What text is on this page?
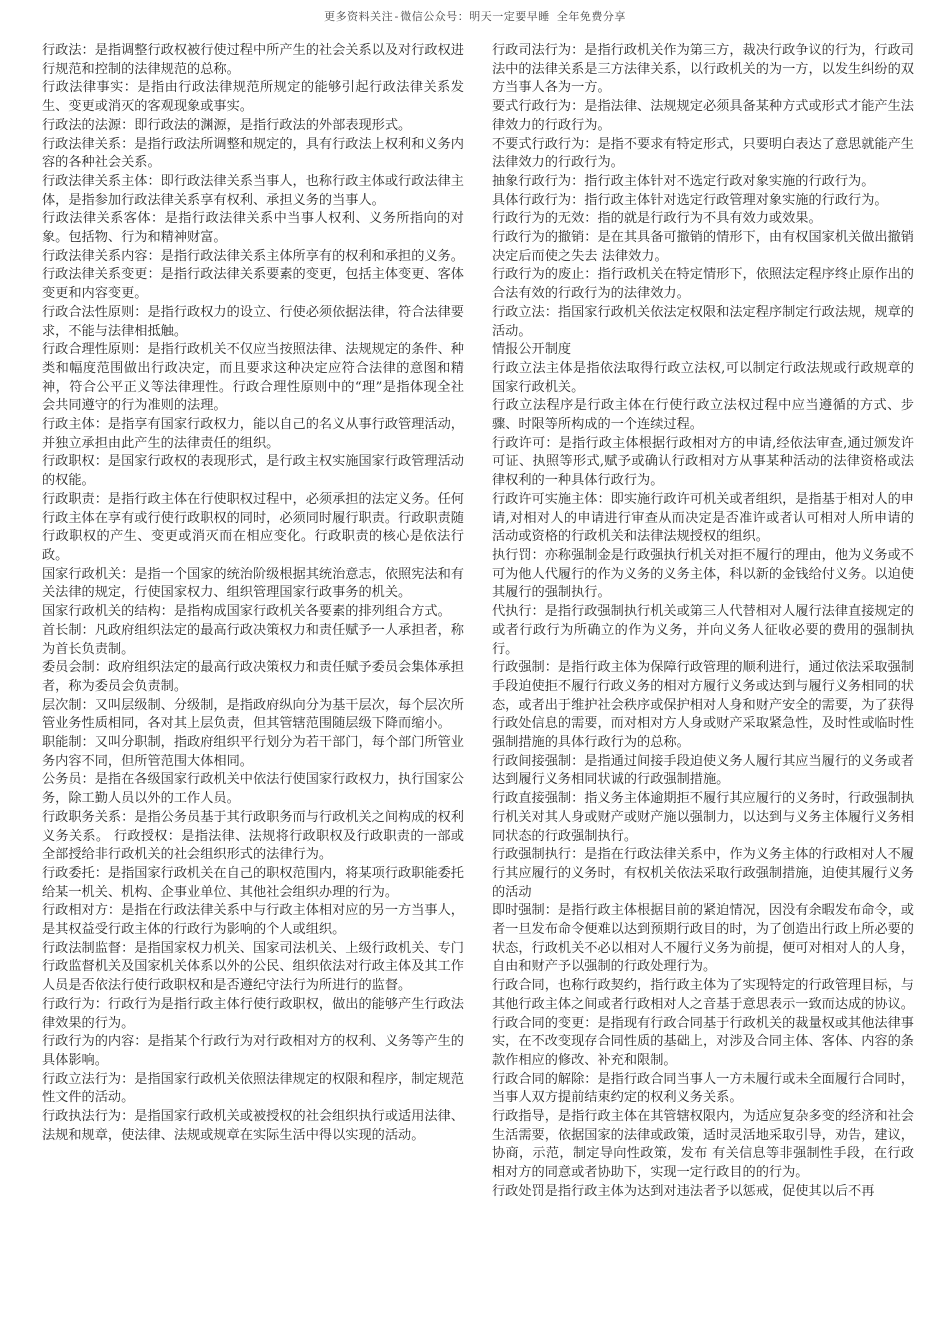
更多资料关注-微信公众号：明天一定要早睡 全年免费分享

行政法：是指调整行政权被行使过程中所产生的社会关系以及对行政权进行规范和控制的法律规范的总称。

行政法律事实：是指由行政法律规范所规定的能够引起行政法律关系发生、变更或消灭的客观现象或事实。

行政法的法源：即行政法的渊源，是指行政法的外部表现形式。

行政法律关系：是指行政法所调整和规定的，具有行政法上权利和义务内容的各种社会关系。

行政法律关系主体：即行政法律关系当事人，也称行政主体或行政法律主体，是指参加行政法律关系享有权利、承担义务的当事人。

行政法律关系客体：是指行政法律关系中当事人权利、义务所指向的对象。包括物、行为和精神财富。

行政法律关系内容：是指行政法律关系主体所享有的权利和承担的义务。

行政法律关系变更：是指行政法律关系要素的变更，包括主体变更、客体变更和内容变更。

行政合法性原则：是指行政权力的设立、行使必须依据法律，符合法律要求，不能与法律相抵触。

行政合理性原则：是指行政机关不仅应当按照法律、法规规定的条件、种类和幅度范围做出行政决定，而且要求这种决定应符合法律的意图和精神，符合公平正义等法律理性。行政合理性原则中的“理”是指体现全社会共同遵守的行为准则的法理。

行政主体：是指享有国家行政权力，能以自己的名义从事行政管理活动，并独立承担由此产生的法律责任的组织。

行政职权：是国家行政权的表现形式，是行政主权实施国家行政管理活动的权能。

行政职责：是指行政主体在行使职权过程中，必须承担的法定义务。任何行政主体在享有或行使行政职权的同时，必须同时履行职责。行政职责随行政职权的产生、变更或消灭而在相应变化。行政职责的核心是依法行政。

国家行政机关：是指一个国家的统治阶级根据其统治意志，依照宪法和有关法律的规定，行使国家权力、组织管理国家行政事务的机关。

国家行政机关的结构：是指构成国家行政机关各要素的排列组合方式。

首长制：凡政府组织法定的最高行政决策权力和责任赋予一人承担者，称为首长负责制。

委员会制：政府组织法定的最高行政决策权力和责任赋予委员会集体承担者，称为委员会负责制。

层次制：又叫层级制、分级制，是指政府纵向分为基干层次，每个层次所管业务性质相同，各对其上层负责，但其管辖范围随层级下降而缩小。

职能制：又叫分职制，指政府组织平行划分为若干部门，每个部门所管业务内容不同，但所管范围大体相同。

公务员：是指在各级国家行政机关中依法行使国家行政权力，执行国家公务，除工勤人员以外的工作人员。

行政职务关系：是指公务员基于其行政职务而与行政机关之间构成的权利义务关系。 行政授权：是指法律、法规将行政职权及行政职责的一部或全部授给非行政机关的社会组织形式的法律行为。

行政委托：是指国家行政机关在自己的职权范围内，将某项行政职能委托给某一机关、机构、企事业单位、其他社会组织办理的行为。

行政相对方：是指在行政法律关系中与行政主体相对应的另一方当事人，是其权益受行政主体的行政行为影响的个人或组织。

行政法制监督：是指国家权力机关、国家司法机关、上级行政机关、专门行政监督机关及国家机关体系以外的公民、组织依法对行政主体及其工作人员是否依法行使行政职权和是否遵纪守法行为所进行的监督。

行政行为：行政行为是指行政主体行使行政职权，做出的能够产生行政法律效果的行为。

行政行为的内容：是指某个行政行为对行政相对方的权利、义务等产生的具体影响。

行政立法行为：是指国家行政机关依照法律规定的权限和程序，制定规范性文件的活动。

行政执法行为：是指国家行政机关或被授权的社会组织执行或适用法律、法规和规章，使法律、法规或规章在实际生活中得以实现的活动。

行政司法行为：是指行政机关作为第三方，裁决行政争议的行为，行政司法中的法律关系是三方法律关系，以行政机关的为一方，以发生纠纷的双方当事人各为一方。

要式行政行为：是指法律、法规规定必须具备某种方式或形式才能产生法律效力的行政行为。

不要式行政行为：是指不要求有特定形式，只要明白表达了意思就能产生法律效力的行政行为。

抽象行政行为：指行政主体针对不选定行政对象实施的行政行为。

具体行政行为：指行政主体针对选定行政管理对象实施的行政行为。

行政行为的无效：指的就是行政行为不具有效力或效果。

行政行为的撤销：是在其具备可撤销的情形下，由有权国家机关做出撤销决定后而使之失去 法律效力。

行政行为的废止：指行政机关在特定情形下，依照法定程序终止原作出的合法有效的行政行为的法律效力。

行政立法：指国家行政机关依法定权限和法定程序制定行政法规，规章的活动。

情报公开制度

行政立法主体是指依法取得行政立法权,可以制定行政法规或行政规章的国家行政机关。

行政立法程序是行政主体在行使行政立法权过程中应当遵循的方式、步骤、时限等所构成的一个连续过程。

行政许可：是指行政主体根据行政相对方的申请,经依法审查,通过颁发许可证、执照等形式,赋予或确认行政相对方从事某种活动的法律资格或法律权利的一种具体行政行为。

行政许可实施主体：即实施行政许可机关或者组织，是指基于相对人的申请,对相对人的申请进行审查从而决定是否准许或者认可相对人所申请的活动或资格的行政机关和法律法规授权的组织。

执行罚：亦称强制金是行政强执行机关对拒不履行的理由，他为义务或不可为他人代履行的作为义务的义务主体，科以新的金钱给付义务。以迫使其履行的强制执行。

代执行：是指行政强制执行机关或第三人代替相对人履行法律直接规定的或者行政行为所确立的作为义务，并向义务人征收必要的费用的强制执行。

行政强制：是指行政主体为保障行政管理的顺利进行，通过依法采取强制手段迫使拒不履行行政义务的相对方履行义务或达到与履行义务相同的状态，或者出于维护社会秩序或保护相对人身和财产安全的需要，为了获得行政处信息的需要，而对相对方人身或财产采取紧急性，及时性或临时性强制措施的具体行政行为的总称。

行政间接强制：是指通过间接手段迫使义务人履行其应当履行的义务或者达到履行义务相同状诚的行政强制措施。

行政直接强制：指义务主体逾期拒不履行其应履行的义务时，行政强制执行机关对其人身或财产或财产施以强制力，以达到与义务主体履行义务相同状态的行政强制执行。

行政强制执行：是指在行政法律关系中，作为义务主体的行政相对人不履行其应履行的义务时，有权机关依法采取行政强制措施，迫使其履行义务的活动

即时强制：是指行政主体根据目前的紧迫情况，因没有余暇发布命令，或者一旦发布命令便难以达到预期行政目的时，为了创造出行政上所必要的状态，行政机关不必以相对人不履行义务为前提，便可对相对人的人身，自由和财产予以强制的行政处理行为。

行政合同，也称行政契约，指行政主体为了实现特定的行政管理目标，与其他行政主体之间或者行政相对人之音基于意思表示一致而达成的协议。

行政合同的变更：是指现有行政合同基于行政机关的裁量权或其他法律事实，在不改变现存合同性质的基础上，对涉及合同主体、客体、内容的条款作相应的修改、补充和限制。

行政合同的解除：是指行政合同当事人一方未履行或未全面履行合同时，当事人双方提前结束约定的权利义务关系。

行政指导，是指行政主体在其管辖权限内，为适应复杂多变的经济和社会生活需要，依据国家的法律或政策，适时灵活地采取引导，劝告，建议，协商，示范，制定导向性政策，发布 有关信息等非强制性手段，在行政相对方的同意或者协助下，实现一定行政目的的行为。

行政处罚是指行政主体为达到对违法者予以惩戒，促使其以后不再
